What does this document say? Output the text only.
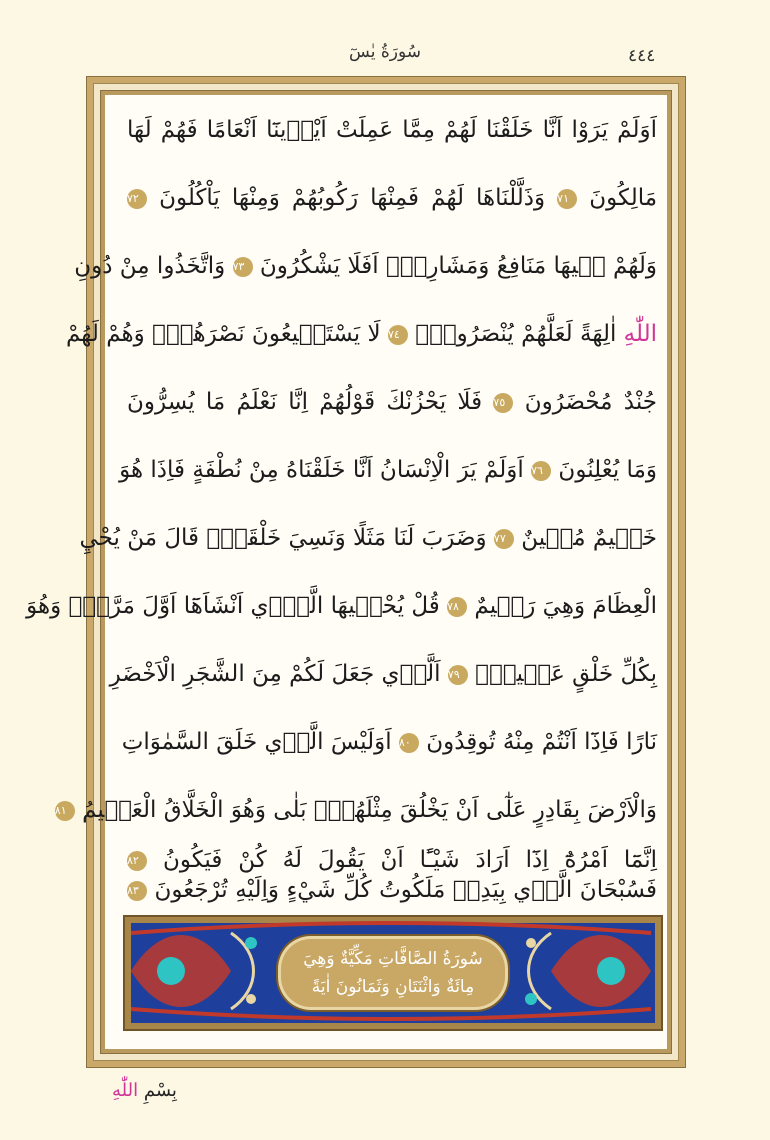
سُورَةُ يٰسٓ	٤٤٤
اَوَلَمْ يَرَوْا اَنَّا خَلَقْنَا لَهُمْ مِمَّا عَمِلَتْ اَيْدٖينَٓا اَنْعَامًا فَهُمْ لَهَا
مَالِكُونَ ٧١ وَذَلَّلْنَاهَا لَهُمْ فَمِنْهَا رَكُوبُهُمْ وَمِنْهَا يَاْكُلُونَ ٧٢
وَلَهُمْ فٖيهَا مَنَافِعُ وَمَشَارِبُۜ اَفَلَا يَشْكُرُونَ ٧٣ وَاتَّخَذُوا مِنْ دُونِ
اللّٰهِ اٰلِهَةً لَعَلَّهُمْ يُنْصَرُونَۜ ٧٤ لَا يَسْتَطٖيعُونَ نَصْرَهُمْۙ وَهُمْ لَهُمْ
جُنْدٌ مُحْضَرُونَ ٧٥ فَلَا يَحْزُنْكَ قَوْلُهُمْ اِنَّا نَعْلَمُ مَا يُسِرُّونَ
وَمَا يُعْلِنُونَ ٧٦ اَوَلَمْ يَرَ الْاِنْسَانُ اَنَّا خَلَقْنَاهُ مِنْ نُطْفَةٍ فَاِذَا هُوَ
خَصٖيمٌ مُبٖينٌ ٧٧ وَضَرَبَ لَنَا مَثَلًا وَنَسِيَ خَلْقَهُۜ قَالَ مَنْ يُحْيِ
الْعِظَامَ وَهِيَ رَمٖيمٌ ٧٨ قُلْ يُحْيٖيهَا الَّذٖٓي اَنْشَاَهَٓا اَوَّلَ مَرَّةٍۜ وَهُوَ
بِكُلِّ خَلْقٍ عَلٖيمٌۙ ٧٩ اَلَّذٖي جَعَلَ لَكُمْ مِنَ الشَّجَرِ الْاَخْضَرِ
نَارًا فَاِذَٓا اَنْتُمْ مِنْهُ تُوقِدُونَ ٨٠ اَوَلَيْسَ الَّذٖي خَلَقَ السَّمٰوَاتِ
وَالْاَرْضَ بِقَادِرٍ عَلٰٓى اَنْ يَخْلُقَ مِثْلَهُمْۜ بَلٰى وَهُوَ الْخَلَّاقُ الْعَلٖيمُ ٨١
اِنَّمَٓا اَمْرُهُٓ اِذَٓا اَرَادَ شَيْـًٔا اَنْ يَقُولَ لَهُ كُنْ فَيَكُونُ ٨٢
فَسُبْحَانَ الَّذٖي بِيَدِهٖ مَلَكُوتُ كُلِّ شَيْءٍ وَاِلَيْهِ تُرْجَعُونَ ٨٣
سُورَةُ الصَّافَّاتِ مَكِّيَّةٌ وَهِيَ
مِائَةٌ وَاثْنَتَانِ وَثَمَانُونَ اٰيَةً
بِسْمِ اللّٰهِ
